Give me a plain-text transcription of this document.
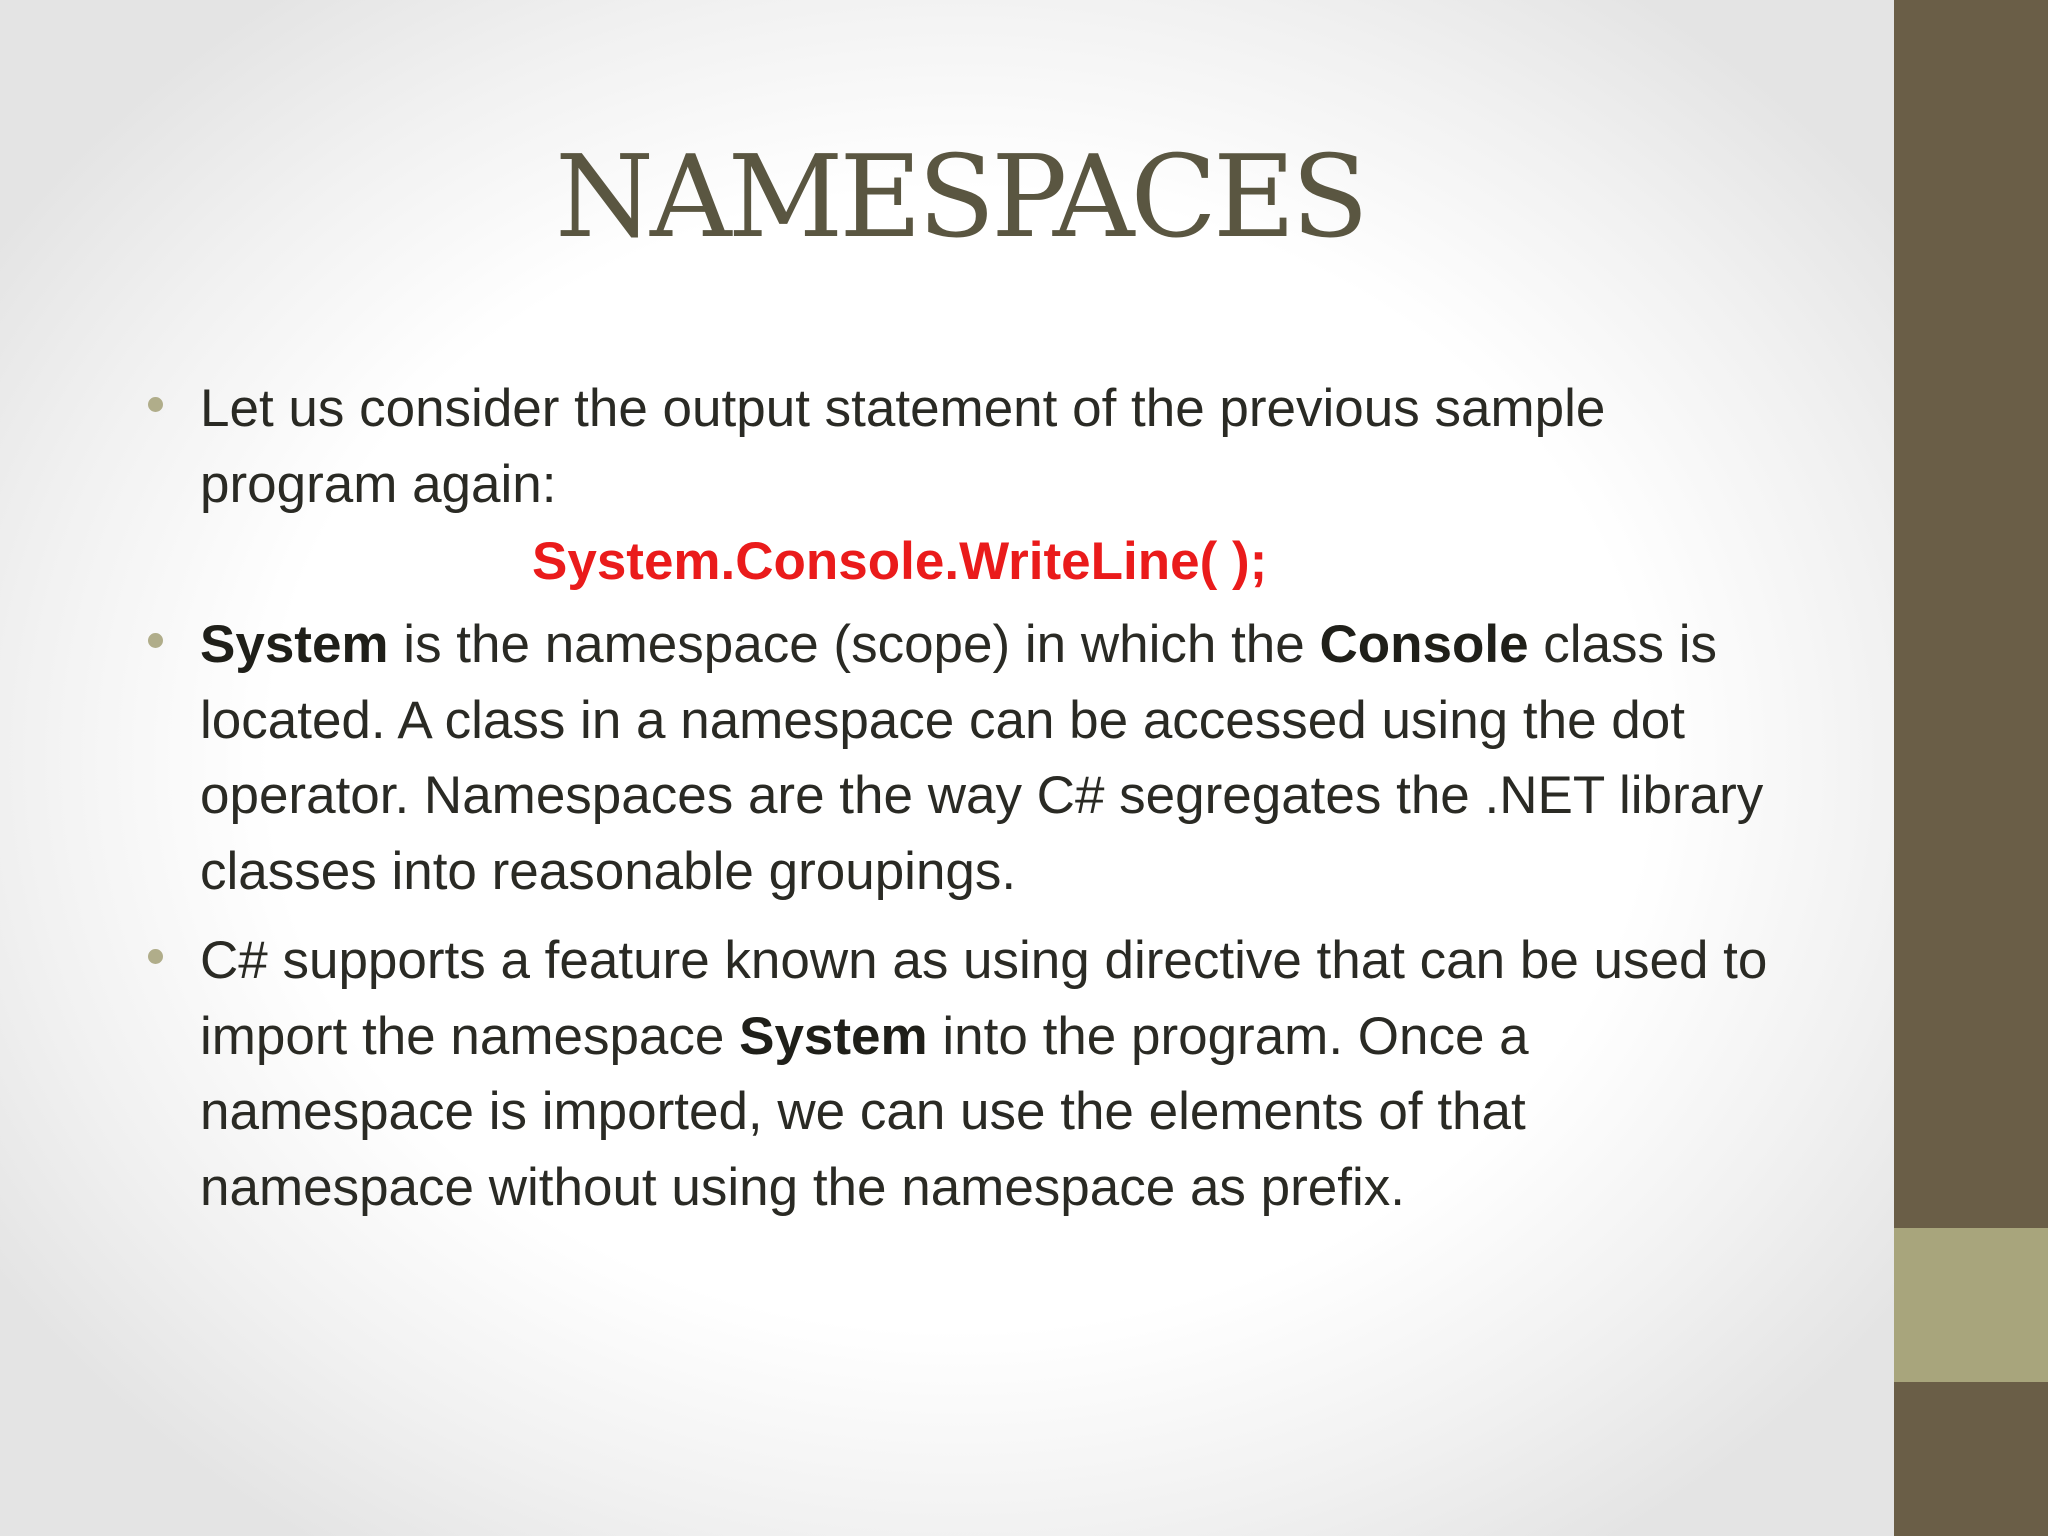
NAMESPACES

Let us consider the output statement of the previous sample program again:

System.Console.WriteLine( );

System is the namespace (scope) in which the Console class is located. A class in a namespace can be accessed using the dot operator. Namespaces are the way C# segregates the .NET library classes into reasonable groupings.

C# supports a feature known as using directive that can be used to import the namespace System into the program. Once a namespace is imported, we can use the elements of that namespace without using the namespace as prefix.
